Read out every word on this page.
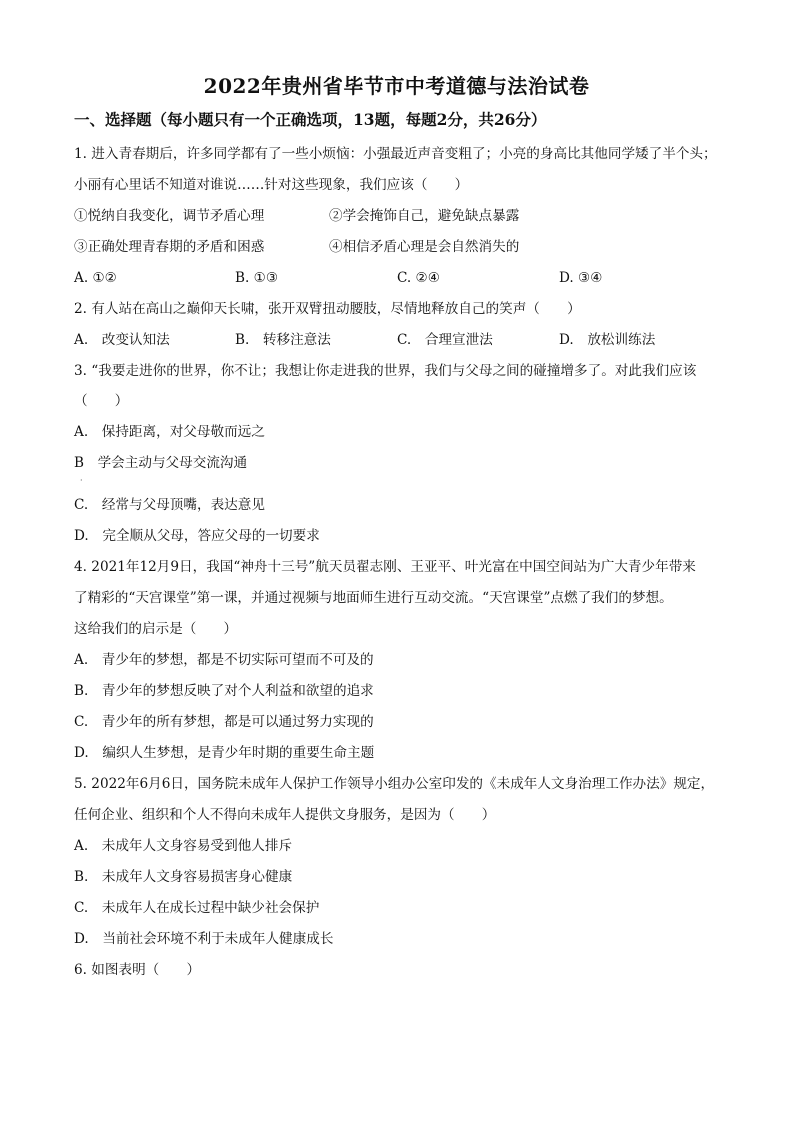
2022年贵州省毕节市中考道德与法治试卷
一、选择题（每小题只有一个正确选项，13题，每题2分，共26分）
1. 进入青春期后，许多同学都有了一些小烦恼：小强最近声音变粗了；小亮的身高比其他同学矮了半个头；
小丽有心里话不知道对谁说……针对这些现象，我们应该（　　）
①悦纳自我变化，调节矛盾心理	②学会掩饰自己，避免缺点暴露
③正确处理青春期的矛盾和困惑	④相信矛盾心理是会自然消失的
A. ①②	B. ①③	C. ②④	D. ③④
2. 有人站在高山之巅仰天长啸，张开双臂扭动腰肢，尽情地释放自己的笑声（　　）
A.　改变认知法	B.　转移注意法	C.　合理宣泄法	D.　放松训练法
3. “我要走进你的世界，你不让；我想让你走进我的世界，我们与父母之间的碰撞增多了。对此我们应该
（　　）
A.　保持距离，对父母敬而远之
B　学会主动与父母交流沟通
·
C.　经常与父母顶嘴，表达意见
D.　完全顺从父母，答应父母的一切要求
4. 2021年12月9日，我国“神舟十三号”航天员翟志刚、王亚平、叶光富在中国空间站为广大青少年带来
了精彩的“天宫课堂”第一课，并通过视频与地面师生进行互动交流。“天宫课堂”点燃了我们的梦想。
这给我们的启示是（　　）
A.　青少年的梦想，都是不切实际可望而不可及的
B.　青少年的梦想反映了对个人利益和欲望的追求
C.　青少年的所有梦想，都是可以通过努力实现的
D.　编织人生梦想，是青少年时期的重要生命主题
5. 2022年6月6日，国务院未成年人保护工作领导小组办公室印发的《未成年人文身治理工作办法》规定，
任何企业、组织和个人不得向未成年人提供文身服务，是因为（　　）
A.　未成年人文身容易受到他人排斥
B.　未成年人文身容易损害身心健康
C.　未成年人在成长过程中缺少社会保护
D.　当前社会环境不利于未成年人健康成长
6. 如图表明（　　）
